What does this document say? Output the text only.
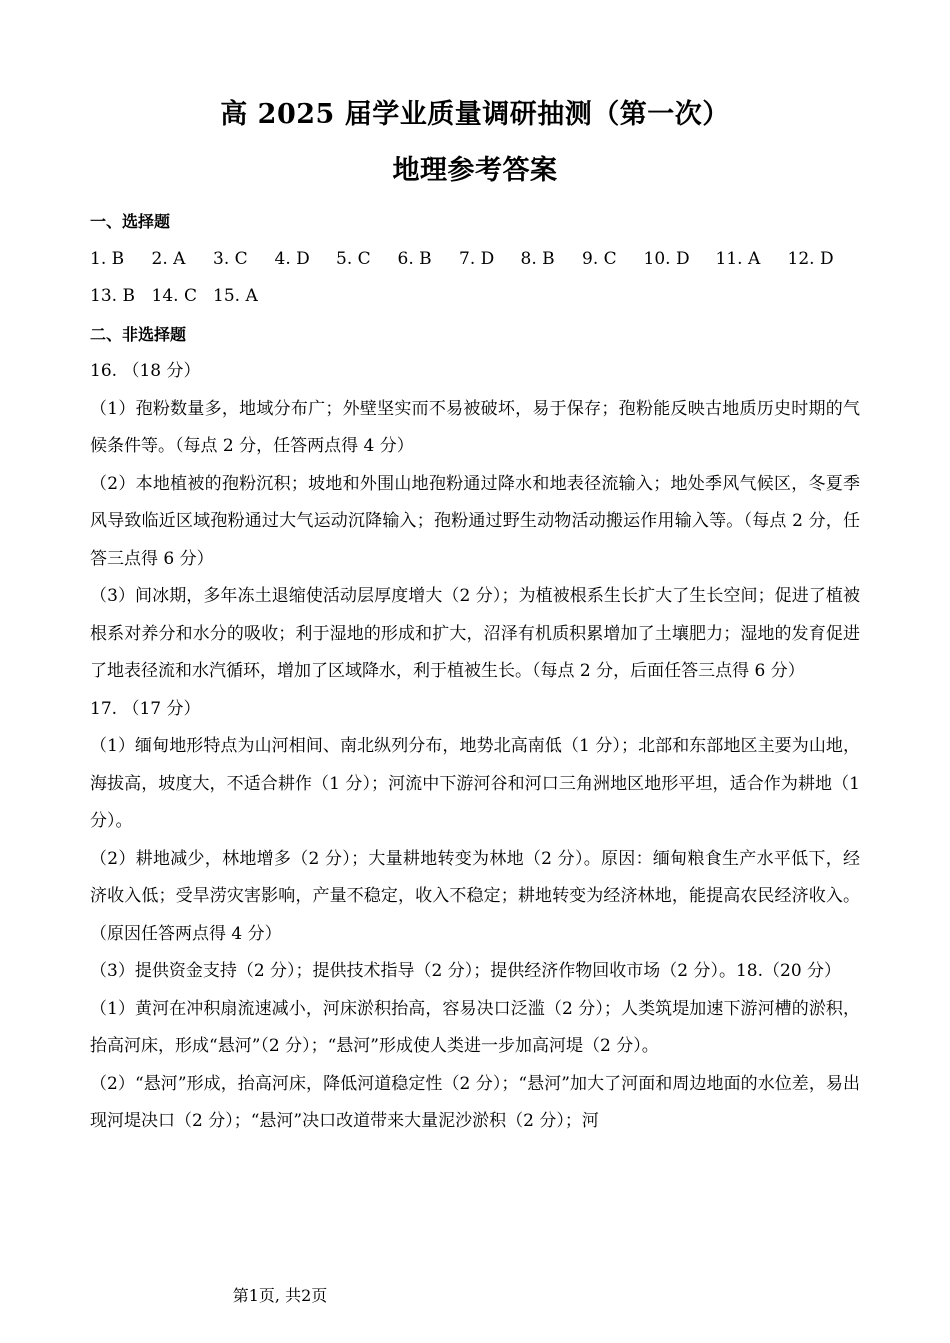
高 2025 届学业质量调研抽测（第一次）
地理参考答案
一、选择题
1. B	2. A	3. C	4. D	5. C	6. B	7. D	8. B	9. C	10. D	11. A	12. D
13. B 14. C 15. A
二、非选择题
16. （18 分）
（1）孢粉数量多，地域分布广；外壁坚实而不易被破坏，易于保存；孢粉能反映古地质历史时期的气候条件等。（每点 2 分，任答两点得 4 分）
（2）本地植被的孢粉沉积；坡地和外围山地孢粉通过降水和地表径流输入；地处季风气候区，冬夏季风导致临近区域孢粉通过大气运动沉降输入；孢粉通过野生动物活动搬运作用输入等。（每点 2 分，任答三点得 6 分）
（3）间冰期，多年冻土退缩使活动层厚度增大（2 分）；为植被根系生长扩大了生长空间；促进了植被根系对养分和水分的吸收；利于湿地的形成和扩大，沼泽有机质积累增加了土壤肥力；湿地的发育促进了地表径流和水汽循环，增加了区域降水，利于植被生长。（每点 2 分，后面任答三点得 6 分）
17. （17 分）
（1）缅甸地形特点为山河相间、南北纵列分布，地势北高南低（1 分）；北部和东部地区主要为山地，海拔高，坡度大，不适合耕作（1 分）；河流中下游河谷和河口三角洲地区地形平坦，适合作为耕地（1 分）。
（2）耕地减少，林地增多（2 分）；大量耕地转变为林地（2 分）。原因：缅甸粮食生产水平低下，经济收入低；受旱涝灾害影响，产量不稳定，收入不稳定；耕地转变为经济林地，能提高农民经济收入。（原因任答两点得 4 分）
（3）提供资金支持（2 分）；提供技术指导（2 分）；提供经济作物回收市场（2 分）。18.（20 分）
（1）黄河在冲积扇流速减小，河床淤积抬高，容易决口泛滥（2 分）；人类筑堤加速下游河槽的淤积，抬高河床，形成“悬河”（2 分）；“悬河”形成使人类进一步加高河堤（2 分）。
（2）“悬河”形成，抬高河床，降低河道稳定性（2 分）；“悬河”加大了河面和周边地面的水位差，易出现河堤决口（2 分）；“悬河”决口改道带来大量泥沙淤积（2 分）；河
第1页, 共2页
